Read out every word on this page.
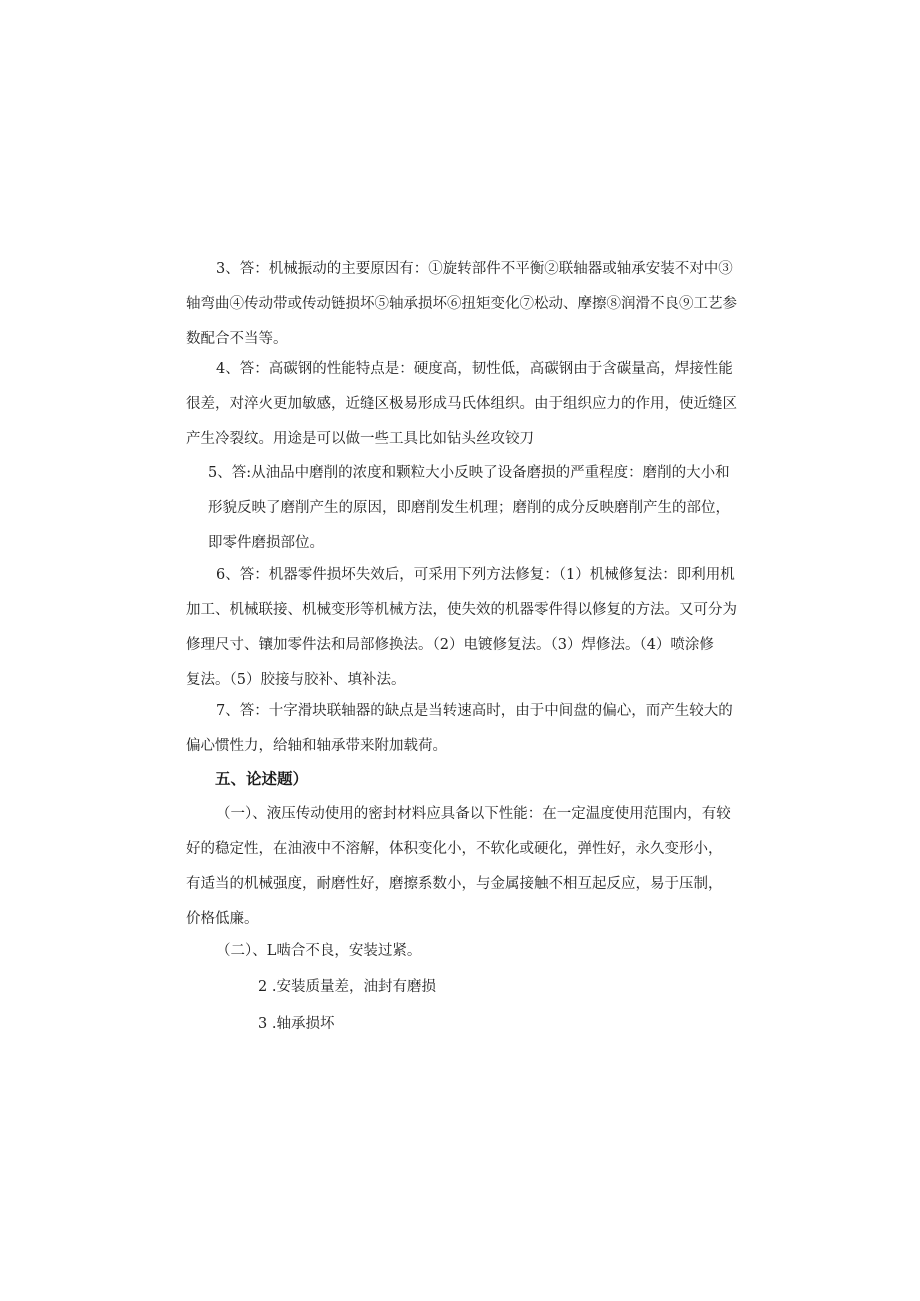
3、答：机械振动的主要原因有：①旋转部件不平衡②联轴器或轴承安装不对中③
轴弯曲④传动带或传动链损坏⑤轴承损坏⑥扭矩变化⑦松动、摩擦⑧润滑不良⑨工艺参
数配合不当等。
4、答：高碳钢的性能特点是：硬度高，韧性低，高碳钢由于含碳量高，焊接性能
很差，对淬火更加敏感，近缝区极易形成马氏体组织。由于组织应力的作用，使近缝区
产生冷裂纹。用途是可以做一些工具比如钻头丝攻铰刀
5、答:从油品中磨削的浓度和颗粒大小反映了设备磨损的严重程度：磨削的大小和
形貌反映了磨削产生的原因，即磨削发生机理；磨削的成分反映磨削产生的部位，
即零件磨损部位。
6、答：机器零件损坏失效后，可采用下列方法修复：（1）机械修复法：即利用机
加工、机械联接、机械变形等机械方法，使失效的机器零件得以修复的方法。又可分为
修理尺寸、镶加零件法和局部修换法。（2）电镀修复法。（3）焊修法。（4）喷涂修
复法。（5）胶接与胶补、填补法。
7、答：十字滑块联轴器的缺点是当转速高时，由于中间盘的偏心，而产生较大的
偏心惯性力，给轴和轴承带来附加载荷。
五、论述题）
（一）、液压传动使用的密封材料应具备以下性能：在一定温度使用范围内，有较
好的稳定性，在油液中不溶解，体积变化小，不软化或硬化，弹性好，永久变形小，
有适当的机械强度，耐磨性好，磨擦系数小，与金属接触不相互起反应，易于压制，
价格低廉。
（二）、L啮合不良，安装过紧。

2 .安装质量差，油封有磨损

3 .轴承损坏
